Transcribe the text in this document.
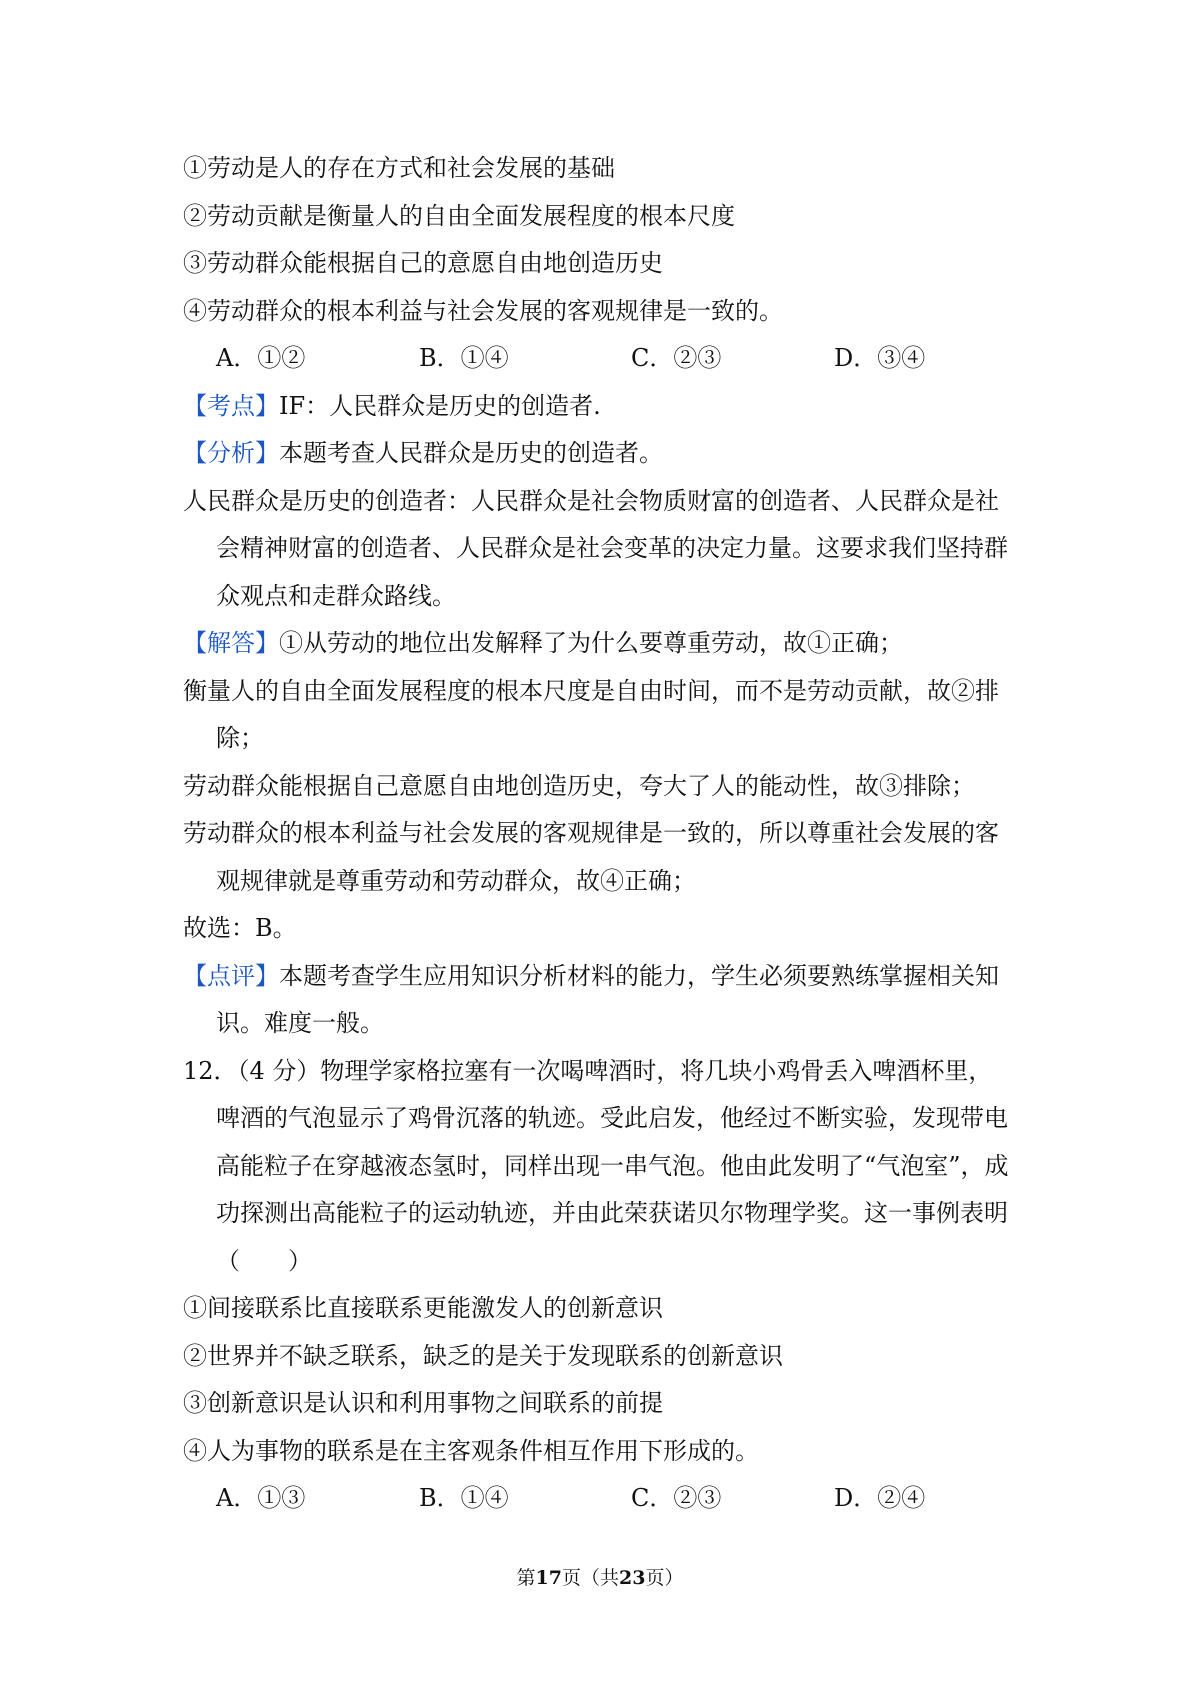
①劳动是人的存在方式和社会发展的基础
②劳动贡献是衡量人的自由全面发展程度的根本尺度
③劳动群众能根据自己的意愿自由地创造历史
④劳动群众的根本利益与社会发展的客观规律是一致的。
A．①②	B．①④	C．②③	D．③④
【考点】IF：人民群众是历史的创造者.
【分析】本题考查人民群众是历史的创造者。
人民群众是历史的创造者：人民群众是社会物质财富的创造者、人民群众是社
会精神财富的创造者、人民群众是社会变革的决定力量。这要求我们坚持群
众观点和走群众路线。
【解答】①从劳动的地位出发解释了为什么要尊重劳动，故①正确；
衡量人的自由全面发展程度的根本尺度是自由时间，而不是劳动贡献，故②排
除；
劳动群众能根据自己意愿自由地创造历史，夸大了人的能动性，故③排除；
劳动群众的根本利益与社会发展的客观规律是一致的，所以尊重社会发展的客
观规律就是尊重劳动和劳动群众，故④正确；
故选：B。
【点评】本题考查学生应用知识分析材料的能力，学生必须要熟练掌握相关知
识。难度一般。
12．（4 分）物理学家格拉塞有一次喝啤酒时，将几块小鸡骨丢入啤酒杯里，
啤酒的气泡显示了鸡骨沉落的轨迹。受此启发，他经过不断实验，发现带电
高能粒子在穿越液态氢时，同样出现一串气泡。他由此发明了“气泡室”，成
功探测出高能粒子的运动轨迹，并由此荣获诺贝尔物理学奖。这一事例表明
（　　）
①间接联系比直接联系更能激发人的创新意识
②世界并不缺乏联系，缺乏的是关于发现联系的创新意识
③创新意识是认识和利用事物之间联系的前提
④人为事物的联系是在主客观条件相互作用下形成的。
A．①③	B．①④	C．②③	D．②④
第17页（共23页）
